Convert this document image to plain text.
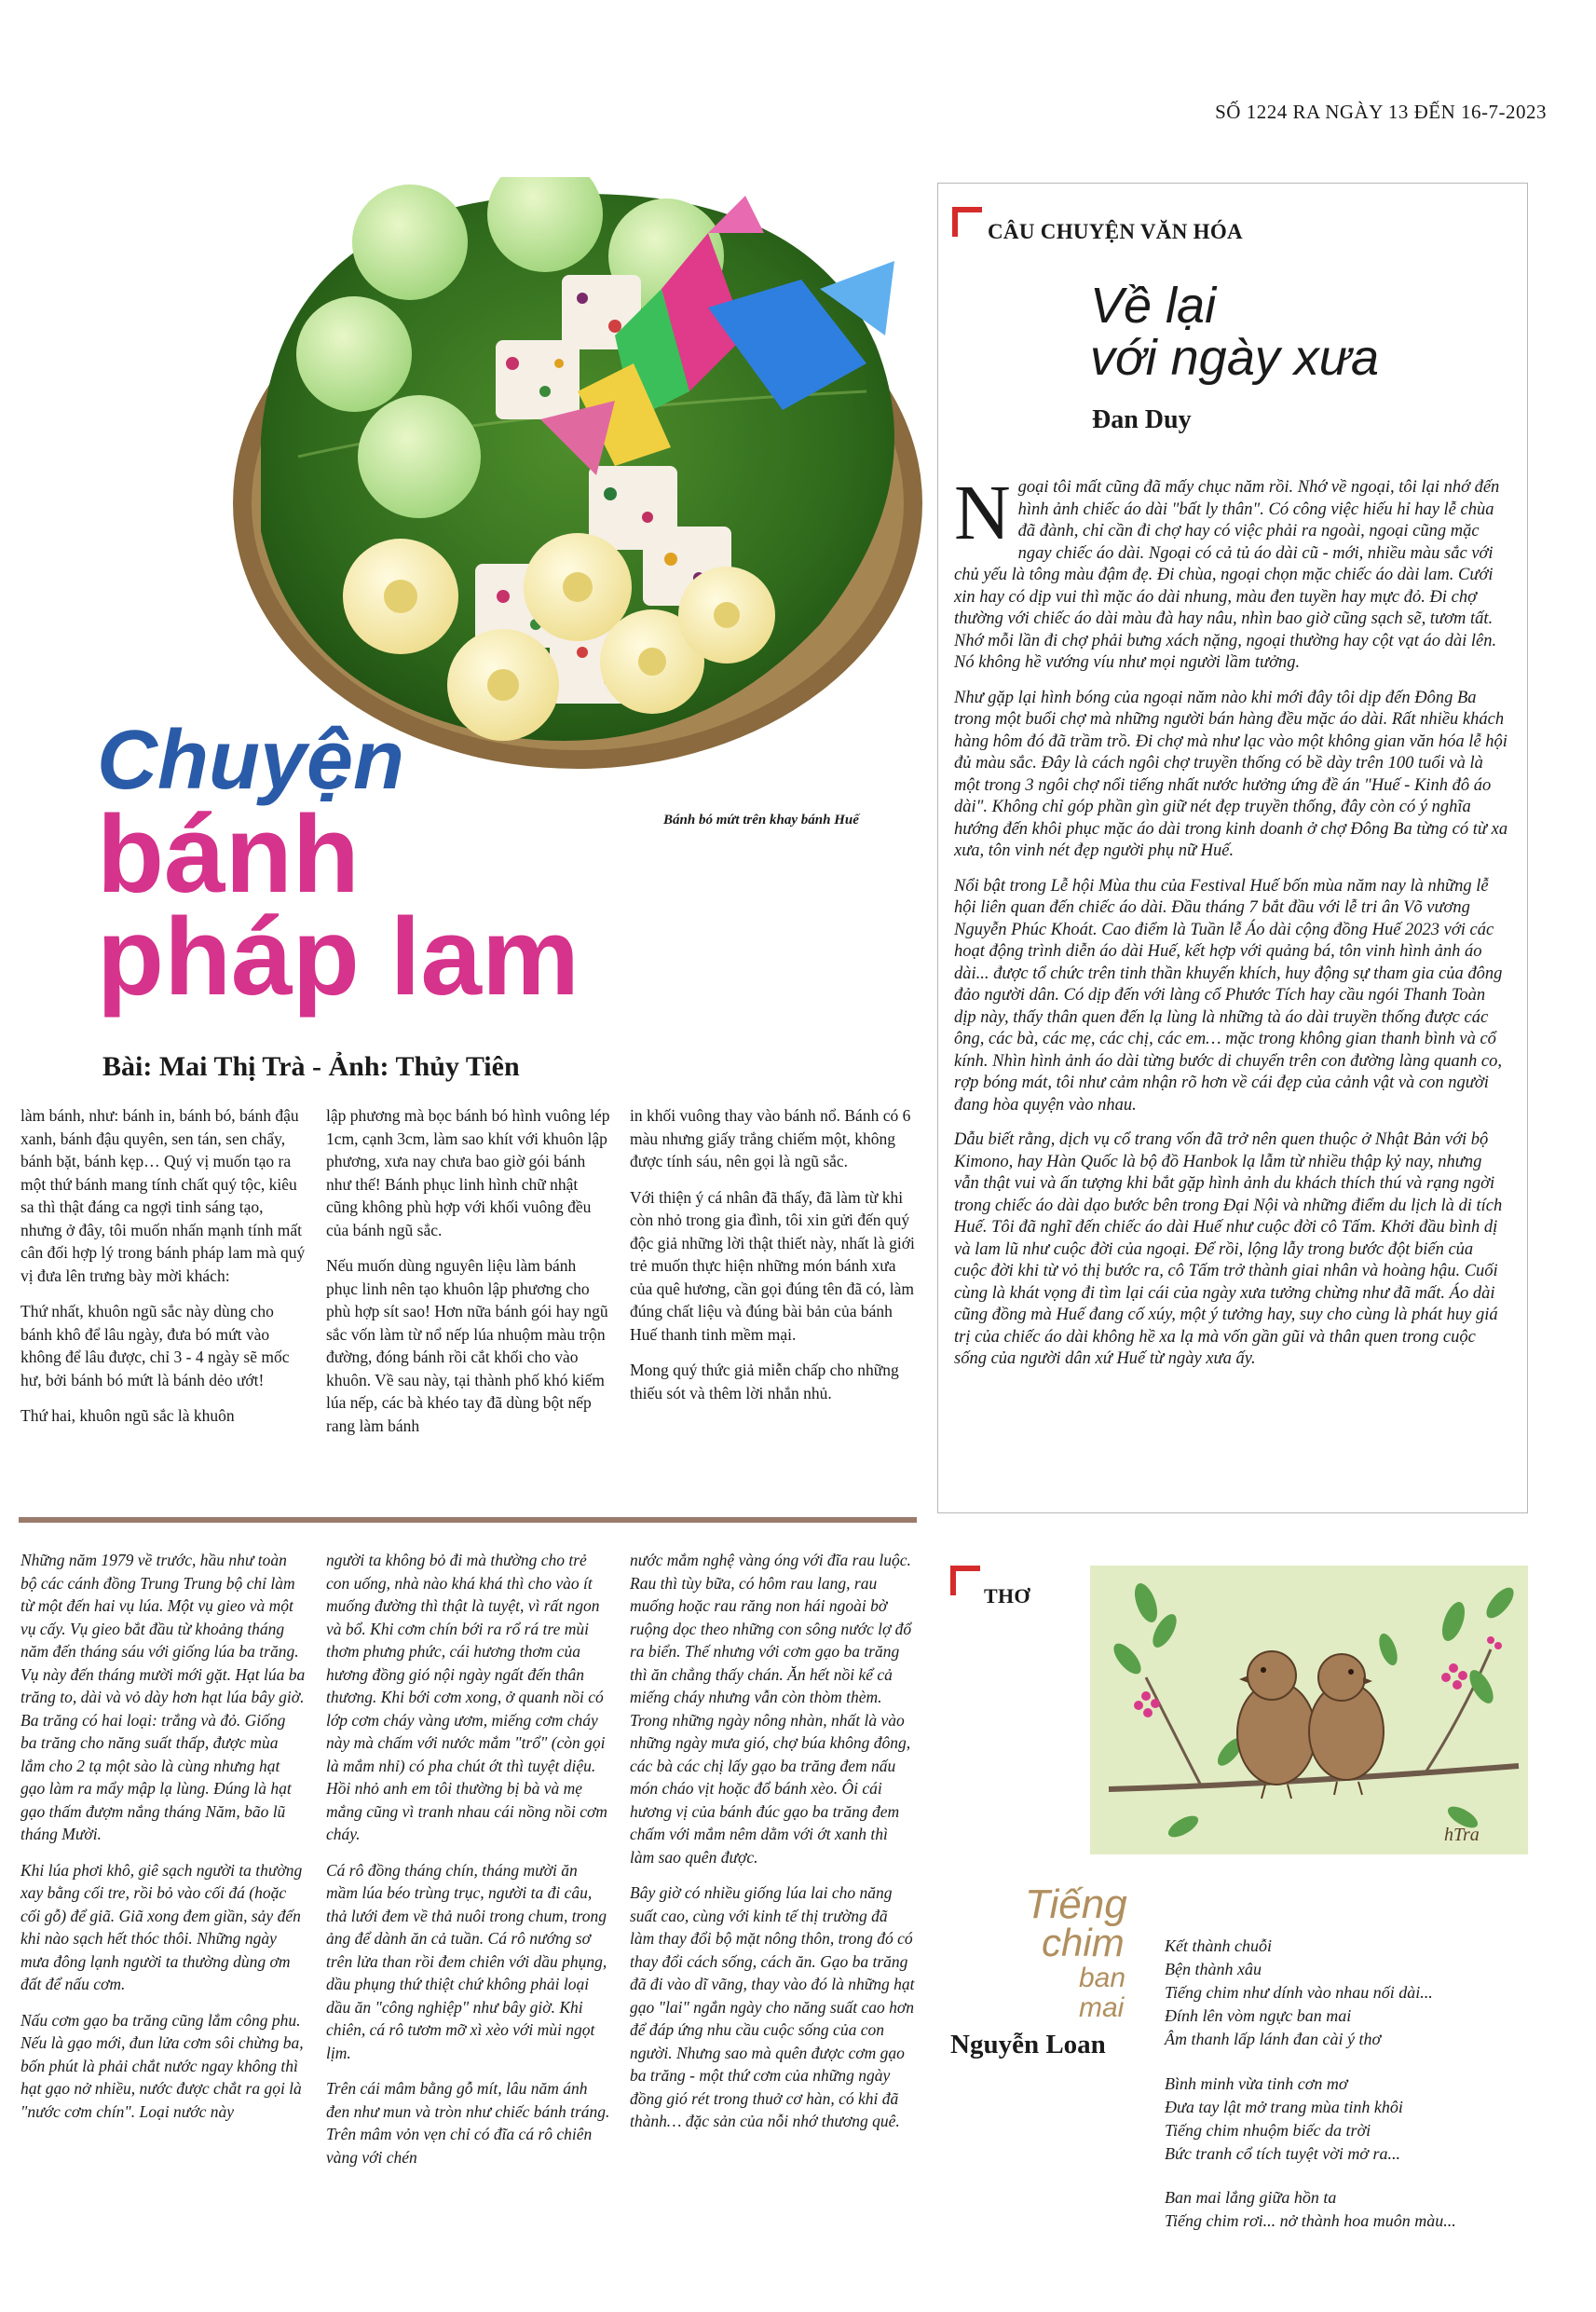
SỐ 1224 RA NGÀY 13 ĐẾN 16-7-2023
Chuyện
bánh
pháp lam
Bánh bó mứt trên khay bánh Huế
Bài: Mai Thị Trà - Ảnh: Thủy Tiên

làm bánh, như: bánh in, bánh bó, bánh đậu xanh, bánh đậu quyên, sen tán, sen chẩy, bánh bặt, bánh kẹp… Quý vị muốn tạo ra một thứ bánh mang tính chất quý tộc, kiêu sa thì thật đáng ca ngợi tinh sáng tạo, nhưng ở đây, tôi muốn nhấn mạnh tính mất cân đối hợp lý trong bánh pháp lam mà quý vị đưa lên trưng bày mời khách:

Thứ nhất, khuôn ngũ sắc này dùng cho bánh khô để lâu ngày, đưa bó mứt vào không để lâu được, chỉ 3 - 4 ngày sẽ mốc hư, bởi bánh bó mứt là bánh dẻo ướt!

Thứ hai, khuôn ngũ sắc là khuôn

lập phương mà bọc bánh bó hình vuông lép 1cm, cạnh 3cm, làm sao khít với khuôn lập phương, xưa nay chưa bao giờ gói bánh như thế! Bánh phục linh hình chữ nhật cũng không phù hợp với khối vuông đều của bánh ngũ sắc.

Nếu muốn dùng nguyên liệu làm bánh phục linh nên tạo khuôn lập phương cho phù hợp sít sao! Hơn nữa bánh gói hay ngũ sắc vốn làm từ nổ nếp lúa nhuộm màu trộn đường, đóng bánh rồi cắt khối cho vào khuôn. Về sau này, tại thành phố khó kiếm lúa nếp, các bà khéo tay đã dùng bột nếp rang làm bánh

in khối vuông thay vào bánh nổ. Bánh có 6 màu nhưng giấy trắng chiếm một, không được tính sáu, nên gọi là ngũ sắc.

Với thiện ý cá nhân đã thấy, đã làm từ khi còn nhỏ trong gia đình, tôi xin gửi đến quý độc giả những lời thật thiết này, nhất là giới trẻ muốn thực hiện những món bánh xưa của quê hương, cần gọi đúng tên đã có, làm đúng chất liệu và đúng bài bản của bánh Huế thanh tinh mềm mại.

Mong quý thức giả miễn chấp cho những thiếu sót và thêm lời nhắn nhủ.

Những năm 1979 về trước, hầu như toàn bộ các cánh đồng Trung Trung bộ chỉ làm từ một đến hai vụ lúa. Một vụ gieo và một vụ cấy. Vụ gieo bắt đầu từ khoảng tháng năm đến tháng sáu với giống lúa ba trăng. Vụ này đến tháng mười mới gặt. Hạt lúa ba trăng to, dài và vỏ dày hơn hạt lúa bây giờ. Ba trăng có hai loại: trắng và đỏ. Giống ba trăng cho năng suất thấp, được mùa lắm cho 2 tạ một sào là cùng nhưng hạt gạo làm ra mẩy mập lạ lùng. Đúng là hạt gạo thấm đượm nắng tháng Năm, bão lũ tháng Mười.

Khi lúa phơi khô, giê sạch người ta thường xay bằng cối tre, rồi bỏ vào cối đá (hoặc cối gỗ) để giã. Giã xong đem giần, sảy đến khi nào sạch hết thóc thôi. Những ngày mưa đông lạnh người ta thường dùng ơm đất để nấu cơm.

Nấu cơm gạo ba trăng cũng lắm công phu. Nếu là gạo mới, đun lửa cơm sôi chừng ba, bốn phút là phải chắt nước ngay không thì hạt gạo nở nhiều, nước được chắt ra gọi là "nước cơm chín". Loại nước này

người ta không bỏ đi mà thường cho trẻ con uống, nhà nào khá khá thì cho vào ít muống đường thì thật là tuyệt, vì rất ngon và bổ. Khi cơm chín bới ra rổ rá tre mùi thơm phưng phức, cái hương thơm của hương đồng gió nội ngày ngất đến thân thương. Khi bới cơm xong, ở quanh nồi có lớp cơm cháy vàng ươm, miếng cơm cháy này mà chấm với nước mắm "trổ" (còn gọi là mắm nhỉ) có pha chút ớt thì tuyệt diệu. Hồi nhỏ anh em tôi thường bị bà và mẹ mắng cũng vì tranh nhau cái nồng nồi cơm cháy.

Cá rô đồng tháng chín, tháng mười ăn mầm lúa béo trùng trục, người ta đi câu, thả lưới đem về thả nuôi trong chum, trong ảng để dành ăn cả tuần. Cá rô nướng sơ trên lửa than rồi đem chiên với dầu phụng, dầu phụng thứ thiệt chứ không phải loại dầu ăn "công nghiệp" như bây giờ. Khi chiên, cá rô tươm mỡ xì xèo với mùi ngọt lịm.

Trên cái mâm bằng gỗ mít, lâu năm ánh đen như mun và tròn như chiếc bánh tráng. Trên mâm vỏn vẹn chỉ có đĩa cá rô chiên vàng với chén

nước mắm nghệ vàng óng với đĩa rau luộc. Rau thì tùy bữa, có hôm rau lang, rau muống hoặc rau răng non hái ngoài bờ ruộng dọc theo những con sông nước lợ đổ ra biển. Thế nhưng với cơm gạo ba trăng thì ăn chẳng thấy chán. Ăn hết nồi kể cả miếng cháy nhưng vẫn còn thòm thèm. Trong những ngày nông nhàn, nhất là vào những ngày mưa gió, chợ búa không đông, các bà các chị lấy gạo ba trăng đem nấu món cháo vịt hoặc đổ bánh xèo. Ôi cái hương vị của bánh đúc gạo ba trăng đem chấm với mắm nêm dằm với ớt xanh thì làm sao quên được.

Bây giờ có nhiều giống lúa lai cho năng suất cao, cùng với kinh tế thị trường đã làm thay đổi bộ mặt nông thôn, trong đó có thay đổi cách sống, cách ăn. Gạo ba trăng đã đi vào dĩ vãng, thay vào đó là những hạt gạo "lai" ngắn ngày cho năng suất cao hơn để đáp ứng nhu cầu cuộc sống của con người. Nhưng sao mà quên được cơm gạo ba trăng - một thứ cơm của những ngày đồng gió rét trong thuở cơ hàn, có khi đã thành… đặc sản của nỗi nhớ thương quê.

CÂU CHUYỆN VĂN HÓA
Về lại
với ngày xưa
Đan Duy

Ngoại tôi mất cũng đã mấy chục năm rồi. Nhớ về ngoại, tôi lại nhớ đến hình ảnh chiếc áo dài "bất ly thân". Có công việc hiếu hỉ hay lễ chùa đã đành, chỉ cần đi chợ hay có việc phải ra ngoài, ngoại cũng mặc ngay chiếc áo dài. Ngoại có cả tủ áo dài cũ - mới, nhiều màu sắc với chủ yếu là tông màu đậm đẹ. Đi chùa, ngoại chọn mặc chiếc áo dài lam. Cưới xin hay có dịp vui thì mặc áo dài nhung, màu đen tuyền hay mực đỏ. Đi chợ thường với chiếc áo dài màu đà hay nâu, nhìn bao giờ cũng sạch sẽ, tươm tất. Nhớ mỗi lần đi chợ phải bưng xách nặng, ngoại thường hay cột vạt áo dài lên. Nó không hề vướng víu như mọi người lầm tưởng.

Như gặp lại hình bóng của ngoại năm nào khi mới đây tôi dịp đến Đông Ba trong một buổi chợ mà những người bán hàng đều mặc áo dài. Rất nhiều khách hàng hôm đó đã trầm trồ. Đi chợ mà như lạc vào một không gian văn hóa lễ hội đủ màu sắc. Đây là cách ngôi chợ truyền thống có bề dày trên 100 tuổi và là một trong 3 ngôi chợ nổi tiếng nhất nước hưởng ứng đề án "Huế - Kinh đô áo dài". Không chỉ góp phần gìn giữ nét đẹp truyền thống, đây còn có ý nghĩa hướng đến khôi phục mặc áo dài trong kinh doanh ở chợ Đông Ba từng có từ xa xưa, tôn vinh nét đẹp người phụ nữ Huế.

Nổi bật trong Lễ hội Mùa thu của Festival Huế bốn mùa năm nay là những lễ hội liên quan đến chiếc áo dài. Đầu tháng 7 bắt đầu với lễ tri ân Võ vương Nguyễn Phúc Khoát. Cao điểm là Tuần lễ Áo dài cộng đồng Huế 2023 với các hoạt động trình diễn áo dài Huế, kết hợp với quảng bá, tôn vinh hình ảnh áo dài... được tổ chức trên tinh thần khuyến khích, huy động sự tham gia của đông đảo người dân. Có dịp đến với làng cổ Phước Tích hay cầu ngói Thanh Toàn dịp này, thấy thân quen đến lạ lùng là những tà áo dài truyền thống được các ông, các bà, các mẹ, các chị, các em… mặc trong không gian thanh bình và cổ kính. Nhìn hình ảnh áo dài từng bước di chuyển trên con đường làng quanh co, rợp bóng mát, tôi như cảm nhận rõ hơn về cái đẹp của cảnh vật và con người đang hòa quyện vào nhau.

Dẫu biết rằng, dịch vụ cổ trang vốn đã trở nên quen thuộc ở Nhật Bản với bộ Kimono, hay Hàn Quốc là bộ đồ Hanbok lạ lẫm từ nhiều thập kỷ nay, nhưng vẫn thật vui và ấn tượng khi bắt gặp hình ảnh du khách thích thú và rạng ngời trong chiếc áo dài dạo bước bên trong Đại Nội và những điểm du lịch là di tích Huế. Tôi đã nghĩ đến chiếc áo dài Huế như cuộc đời cô Tấm. Khởi đầu bình dị và lam lũ như cuộc đời của ngoại. Để rồi, lộng lẫy trong bước đột biến của cuộc đời khi từ vỏ thị bước ra, cô Tấm trở thành giai nhân và hoàng hậu. Cuối cùng là khát vọng đi tìm lại cái của ngày xưa tưởng chừng như đã mất. Áo dài cũng đồng mà Huế đang cố xúy, một ý tưởng hay, suy cho cùng là phát huy giá trị của chiếc áo dài không hề xa lạ mà vốn gần gũi và thân quen trong cuộc sống của người dân xứ Huế từ ngày xưa ấy.

THƠ
hTra
Tiếng
chim
ban
mai
Nguyễn Loan
Kết thành chuỗi
Bện thành xâu
Tiếng chim như dính vào nhau nối dài...
Đính lên vòm ngực ban mai
Âm thanh lấp lánh đan cài ý thơ
Bình minh vừa tinh cơn mơ
Đưa tay lật mở trang mùa tinh khôi
Tiếng chim nhuộm biếc da trời
Bức tranh cổ tích tuyệt vời mở ra...
Ban mai lắng giữa hồn ta
Tiếng chim rơi... nở thành hoa muôn màu...
